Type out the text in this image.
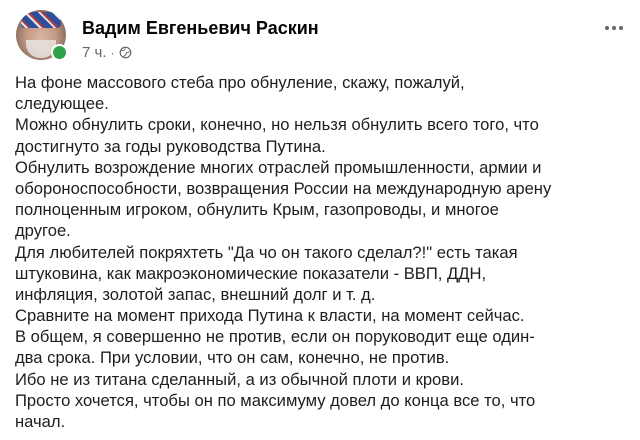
Вадим Евгеньевич Раскин
7 ч. ·
На фоне массового стеба про обнуление, скажу, пожалуй,
следующее.
Можно обнулить сроки, конечно, но нельзя обнулить всего того, что
достигнуто за годы руководства Путина.
Обнулить возрождение многих отраслей промышленности, армии и
обороноспособности, возвращения России на международную арену
полноценным игроком, обнулить Крым, газопроводы, и многое
другое.
Для любителей покряхтеть "Да чо он такого сделал?!" есть такая
штуковина, как макроэкономические показатели - ВВП, ДДН,
инфляция, золотой запас, внешний долг и т. д.
Сравните на момент прихода Путина к власти, на момент сейчас.
В общем, я совершенно не против, если он поруководит еще один-
два срока. При условии, что он сам, конечно, не против.
Ибо не из титана сделанный, а из обычной плоти и крови.
Просто хочется, чтобы он по максимуму довел до конца все то, что
начал.
